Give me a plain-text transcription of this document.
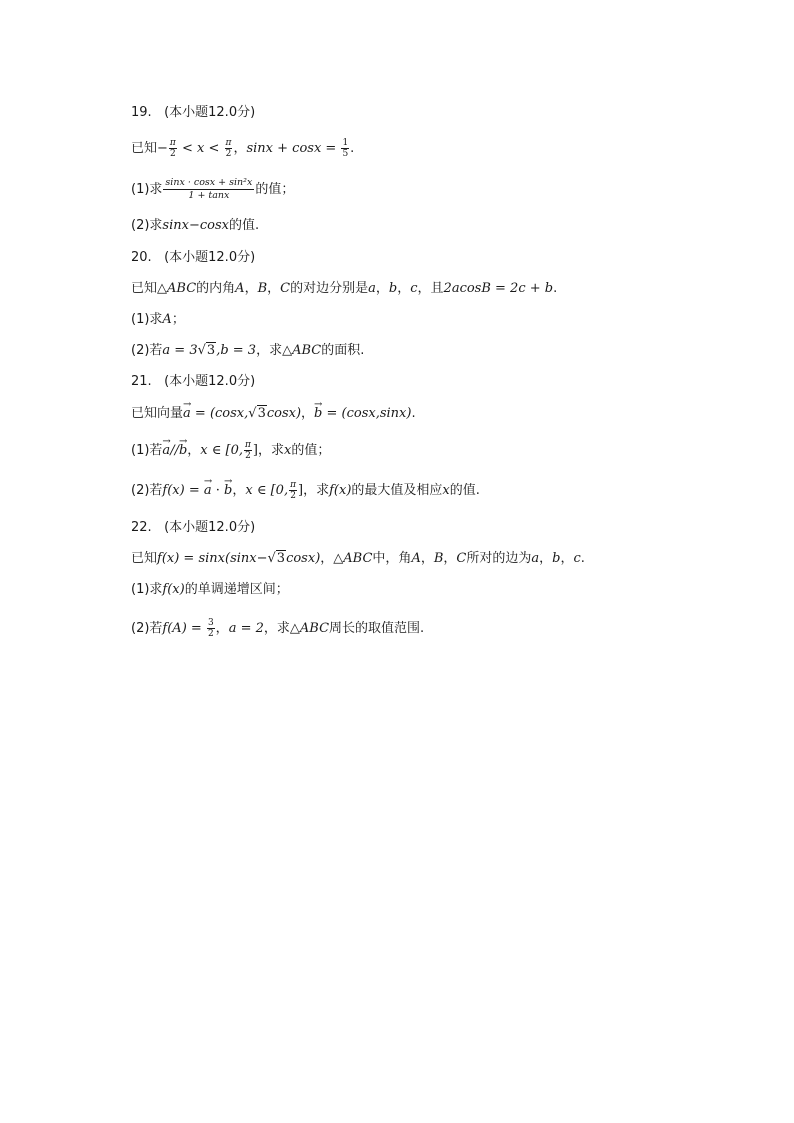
19.   (本小题12.0分)
已知− $\frac{\pi}{2} < x < \frac{\pi}{2}$ ，$\sin x + \cos x = \frac{1}{5}$ .
(1)求 $\frac{\text{sinx · cosx + sin²x}}{1 + \tan x}$ 的值；
(2)求sinx−cosx的值.
20.   (本小题12.0分)
已知△ABC的内角A，B，C的对边分别是a，b，c，且2acosB = 2c + b.
(1)求A；
(2)若a = 3√3,b = 3，求△ABC的面积.
21.   (本小题12.0分)
已知向量→ a = (cosx,√3cosx)，→ b = (cosx,sinx).
(1)若→ a//→ b，x ∈ [0, $\frac{\pi}{2}$ ]，求x的值；
(2)若f(x) = → a · → b，x ∈ [0, $\frac{\pi}{2}$ ]，求f(x)的最大值及相应x的值.
22.   (本小题12.0分)
已知f(x) = sinx(sinx−√3cosx)，△ABC中，角A，B，C所对的边为a，b，c.
(1)求f(x)的单调递增区间；
(2)若$f(A) = \frac{3}{2}$ ，a = 2，求△ABC周长的取值范围.
